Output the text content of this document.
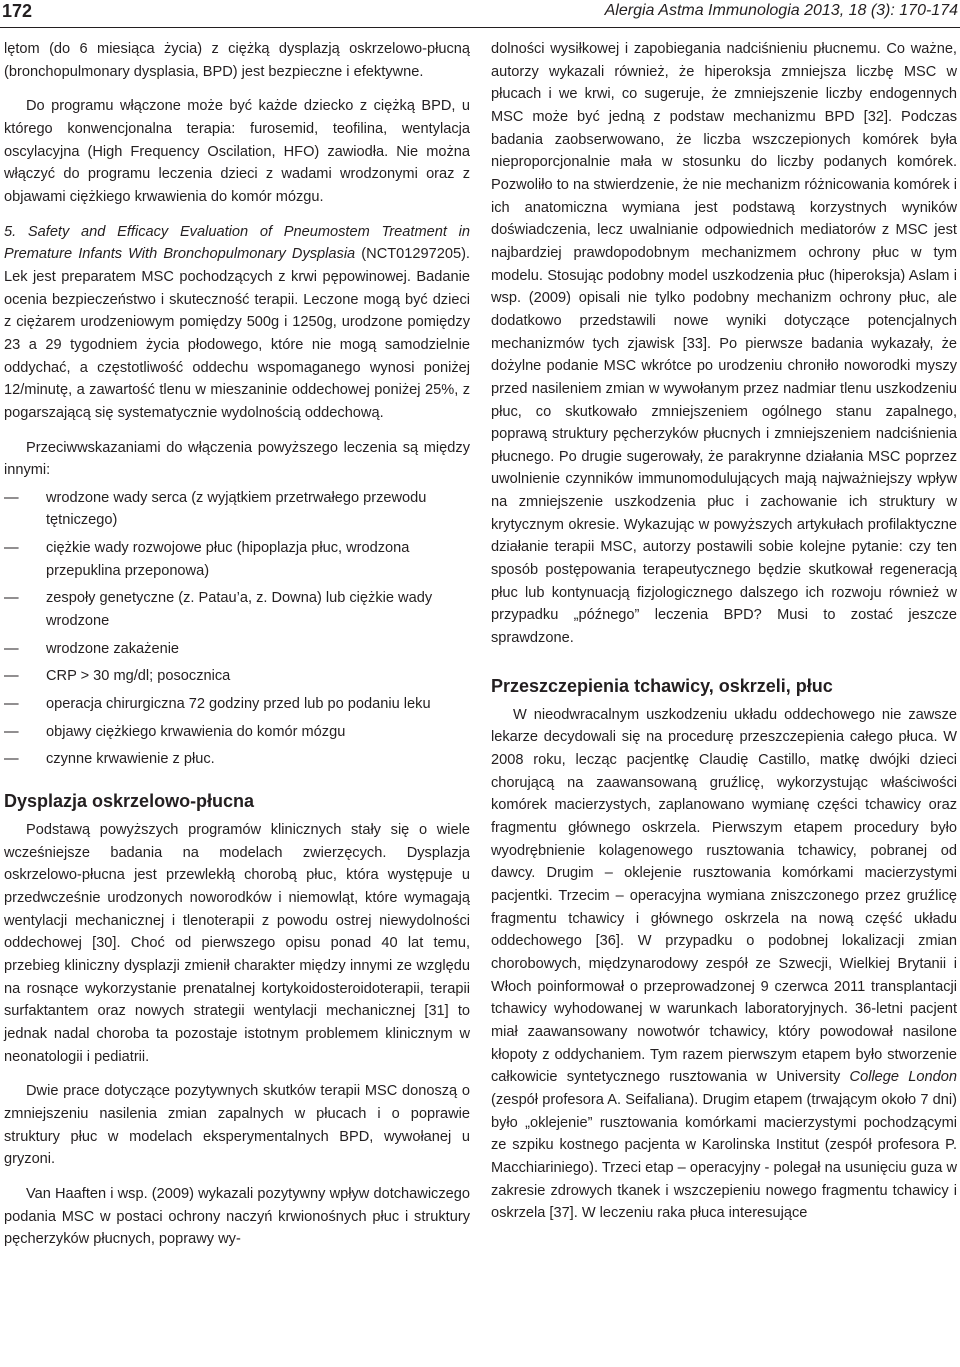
172	Alergia Astma Immunologia 2013, 18 (3): 170-174

lętom (do 6 miesiąca życia) z ciężką dysplazją oskrzelowo-płucną (bronchopulmonary dysplasia, BPD) jest bezpieczne i efektywne.

Do programu włączone może być każde dziecko z ciężką BPD, u którego konwencjonalna terapia: furosemid, teofilina, wentylacja oscylacyjna (High Frequency Oscilation, HFO) zawiodła. Nie można włączyć do programu leczenia dzieci z wadami wrodzonymi oraz z objawami ciężkiego krwawienia do komór mózgu.

5. Safety and Efficacy Evaluation of Pneumostem Treatment in Premature Infants With Bronchopulmonary Dysplasia (NCT01297205). Lek jest preparatem MSC pochodzących z krwi pępowinowej. Badanie ocenia bezpieczeństwo i skuteczność terapii. Leczone mogą być dzieci z ciężarem urodzeniowym pomiędzy 500g i 1250g, urodzone pomiędzy 23 a 29 tygodniem życia płodowego, które nie mogą samodzielnie oddychać, a częstotliwość oddechu wspomaganego wynosi poniżej 12/minutę, a zawartość tlenu w mieszaninie oddechowej poniżej 25%, z pogarszającą się systematycznie wydolnością oddechową.

Przeciwwskazaniami do włączenia powyższego leczenia są między innymi:

—
wrodzone wady serca (z wyjątkiem przetrwałego przewodu tętniczego)
—
ciężkie wady rozwojowe płuc (hipoplazja płuc, wrodzona przepuklina przeponowa)
—
zespoły genetyczne (z. Patau’a, z. Downa) lub ciężkie wady wrodzone
—
wrodzone zakażenie
—
CRP > 30 mg/dl; posocznica
—
operacja chirurgiczna 72 godziny przed lub po podaniu leku
—
objawy ciężkiego krwawienia do komór mózgu
—
czynne krwawienie z płuc.
Dysplazja oskrzelowo-płucna

Podstawą powyższych programów klinicznych stały się o wiele wcześniejsze badania na modelach zwierzęcych. Dysplazja oskrzelowo-płucna jest przewlekłą chorobą płuc, która występuje u przedwcześnie urodzonych noworodków i niemowląt, które wymagają wentylacji mechanicznej i tlenoterapii z powodu ostrej niewydolności oddechowej [30]. Choć od pierwszego opisu ponad 40 lat temu, przebieg kliniczny dysplazji zmienił charakter między innymi ze względu na rosnące wykorzystanie prenatalnej kortykoidosteroidoterapii, terapii surfaktantem oraz nowych strategii wentylacji mechanicznej [31] to jednak nadal choroba ta pozostaje istotnym problemem klinicznym w neonatologii i pediatrii.

Dwie prace dotyczące pozytywnych skutków terapii MSC donoszą o zmniejszeniu nasilenia zmian zapalnych w płucach i o poprawie struktury płuc w modelach eksperymentalnych BPD, wywołanej u gryzoni.

Van Haaften i wsp. (2009) wykazali pozytywny wpływ dotchawiczego podania MSC w postaci ochrony naczyń krwionośnych płuc i struktury pęcherzyków płucnych, poprawy wy-

dolności wysiłkowej i zapobiegania nadciśnieniu płucnemu. Co ważne, autorzy wykazali również, że hiperoksja zmniejsza liczbę MSC w płucach i we krwi, co sugeruje, że zmniejszenie liczby endogennych MSC może być jedną z podstaw mechanizmu BPD [32]. Podczas badania zaobserwowano, że liczba wszczepionych komórek była nieproporcjonalnie mała w stosunku do liczby podanych komórek. Pozwoliło to na stwierdzenie, że nie mechanizm różnicowania komórek i ich anatomiczna wymiana jest podstawą korzystnych wyników doświadczenia, lecz uwalnianie odpowiednich mediatorów z MSC jest najbardziej prawdopodobnym mechanizmem ochrony płuc w tym modelu. Stosując podobny model uszkodzenia płuc (hiperoksja) Aslam i wsp. (2009) opisali nie tylko podobny mechanizm ochrony płuc, ale dodatkowo przedstawili nowe wyniki dotyczące potencjalnych mechanizmów tych zjawisk [33]. Po pierwsze badania wykazały, że dożylne podanie MSC wkrótce po urodzeniu chroniło noworodki myszy przed nasileniem zmian w wywołanym przez nadmiar tlenu uszkodzeniu płuc, co skutkowało zmniejszeniem ogólnego stanu zapalnego, poprawą struktury pęcherzyków płucnych i zmniejszeniem nadciśnienia płucnego. Po drugie sugerowały, że parakrynne działania MSC poprzez uwolnienie czynników immunomodulujących mają najważniejszy wpływ na zmniejszenie uszkodzenia płuc i zachowanie ich struktury w krytycznym okresie. Wykazując w powyższych artykułach profilaktyczne działanie terapii MSC, autorzy postawili sobie kolejne pytanie: czy ten sposób postępowania terapeutycznego będzie skutkował regeneracją płuc lub kontynuacją fizjologicznego dalszego ich rozwoju również w przypadku „późnego” leczenia BPD? Musi to zostać jeszcze sprawdzone.

Przeszczepienia tchawicy, oskrzeli, płuc

W nieodwracalnym uszkodzeniu układu oddechowego nie zawsze lekarze decydowali się na procedurę przeszczepienia całego płuca. W 2008 roku, lecząc pacjentkę Claudię Castillo, matkę dwójki dzieci chorującą na zaawansowaną gruźlicę, wykorzystując właściwości komórek macierzystych, zaplanowano wymianę części tchawicy oraz fragmentu głównego oskrzela. Pierwszym etapem procedury było wyodrębnienie kolagenowego rusztowania tchawicy, pobranej od dawcy. Drugim – oklejenie rusztowania komórkami macierzystymi pacjentki. Trzecim – operacyjna wymiana zniszczonego przez gruźlicę fragmentu tchawicy i głównego oskrzela na nową część układu oddechowego [36]. W przypadku o podobnej lokalizacji zmian chorobowych, międzynarodowy zespół ze Szwecji, Wielkiej Brytanii i Włoch poinformował o przeprowadzonej 9 czerwca 2011 transplantacji tchawicy wyhodowanej w warunkach laboratoryjnych. 36-letni pacjent miał zaawansowany nowotwór tchawicy, który powodował nasilone kłopoty z oddychaniem. Tym razem pierwszym etapem było stworzenie całkowicie syntetycznego rusztowania w University College London (zespół profesora A. Seifaliana). Drugim etapem (trwającym około 7 dni) było „oklejenie” rusztowania komórkami macierzystymi pochodzącymi ze szpiku kostnego pacjenta w Karolinska Institut (zespół profesora P. Macchiariniego). Trzeci etap – operacyjny - polegał na usunięciu guza w zakresie zdrowych tkanek i wszczepieniu nowego fragmentu tchawicy i oskrzela [37]. W leczeniu raka płuca interesujące
